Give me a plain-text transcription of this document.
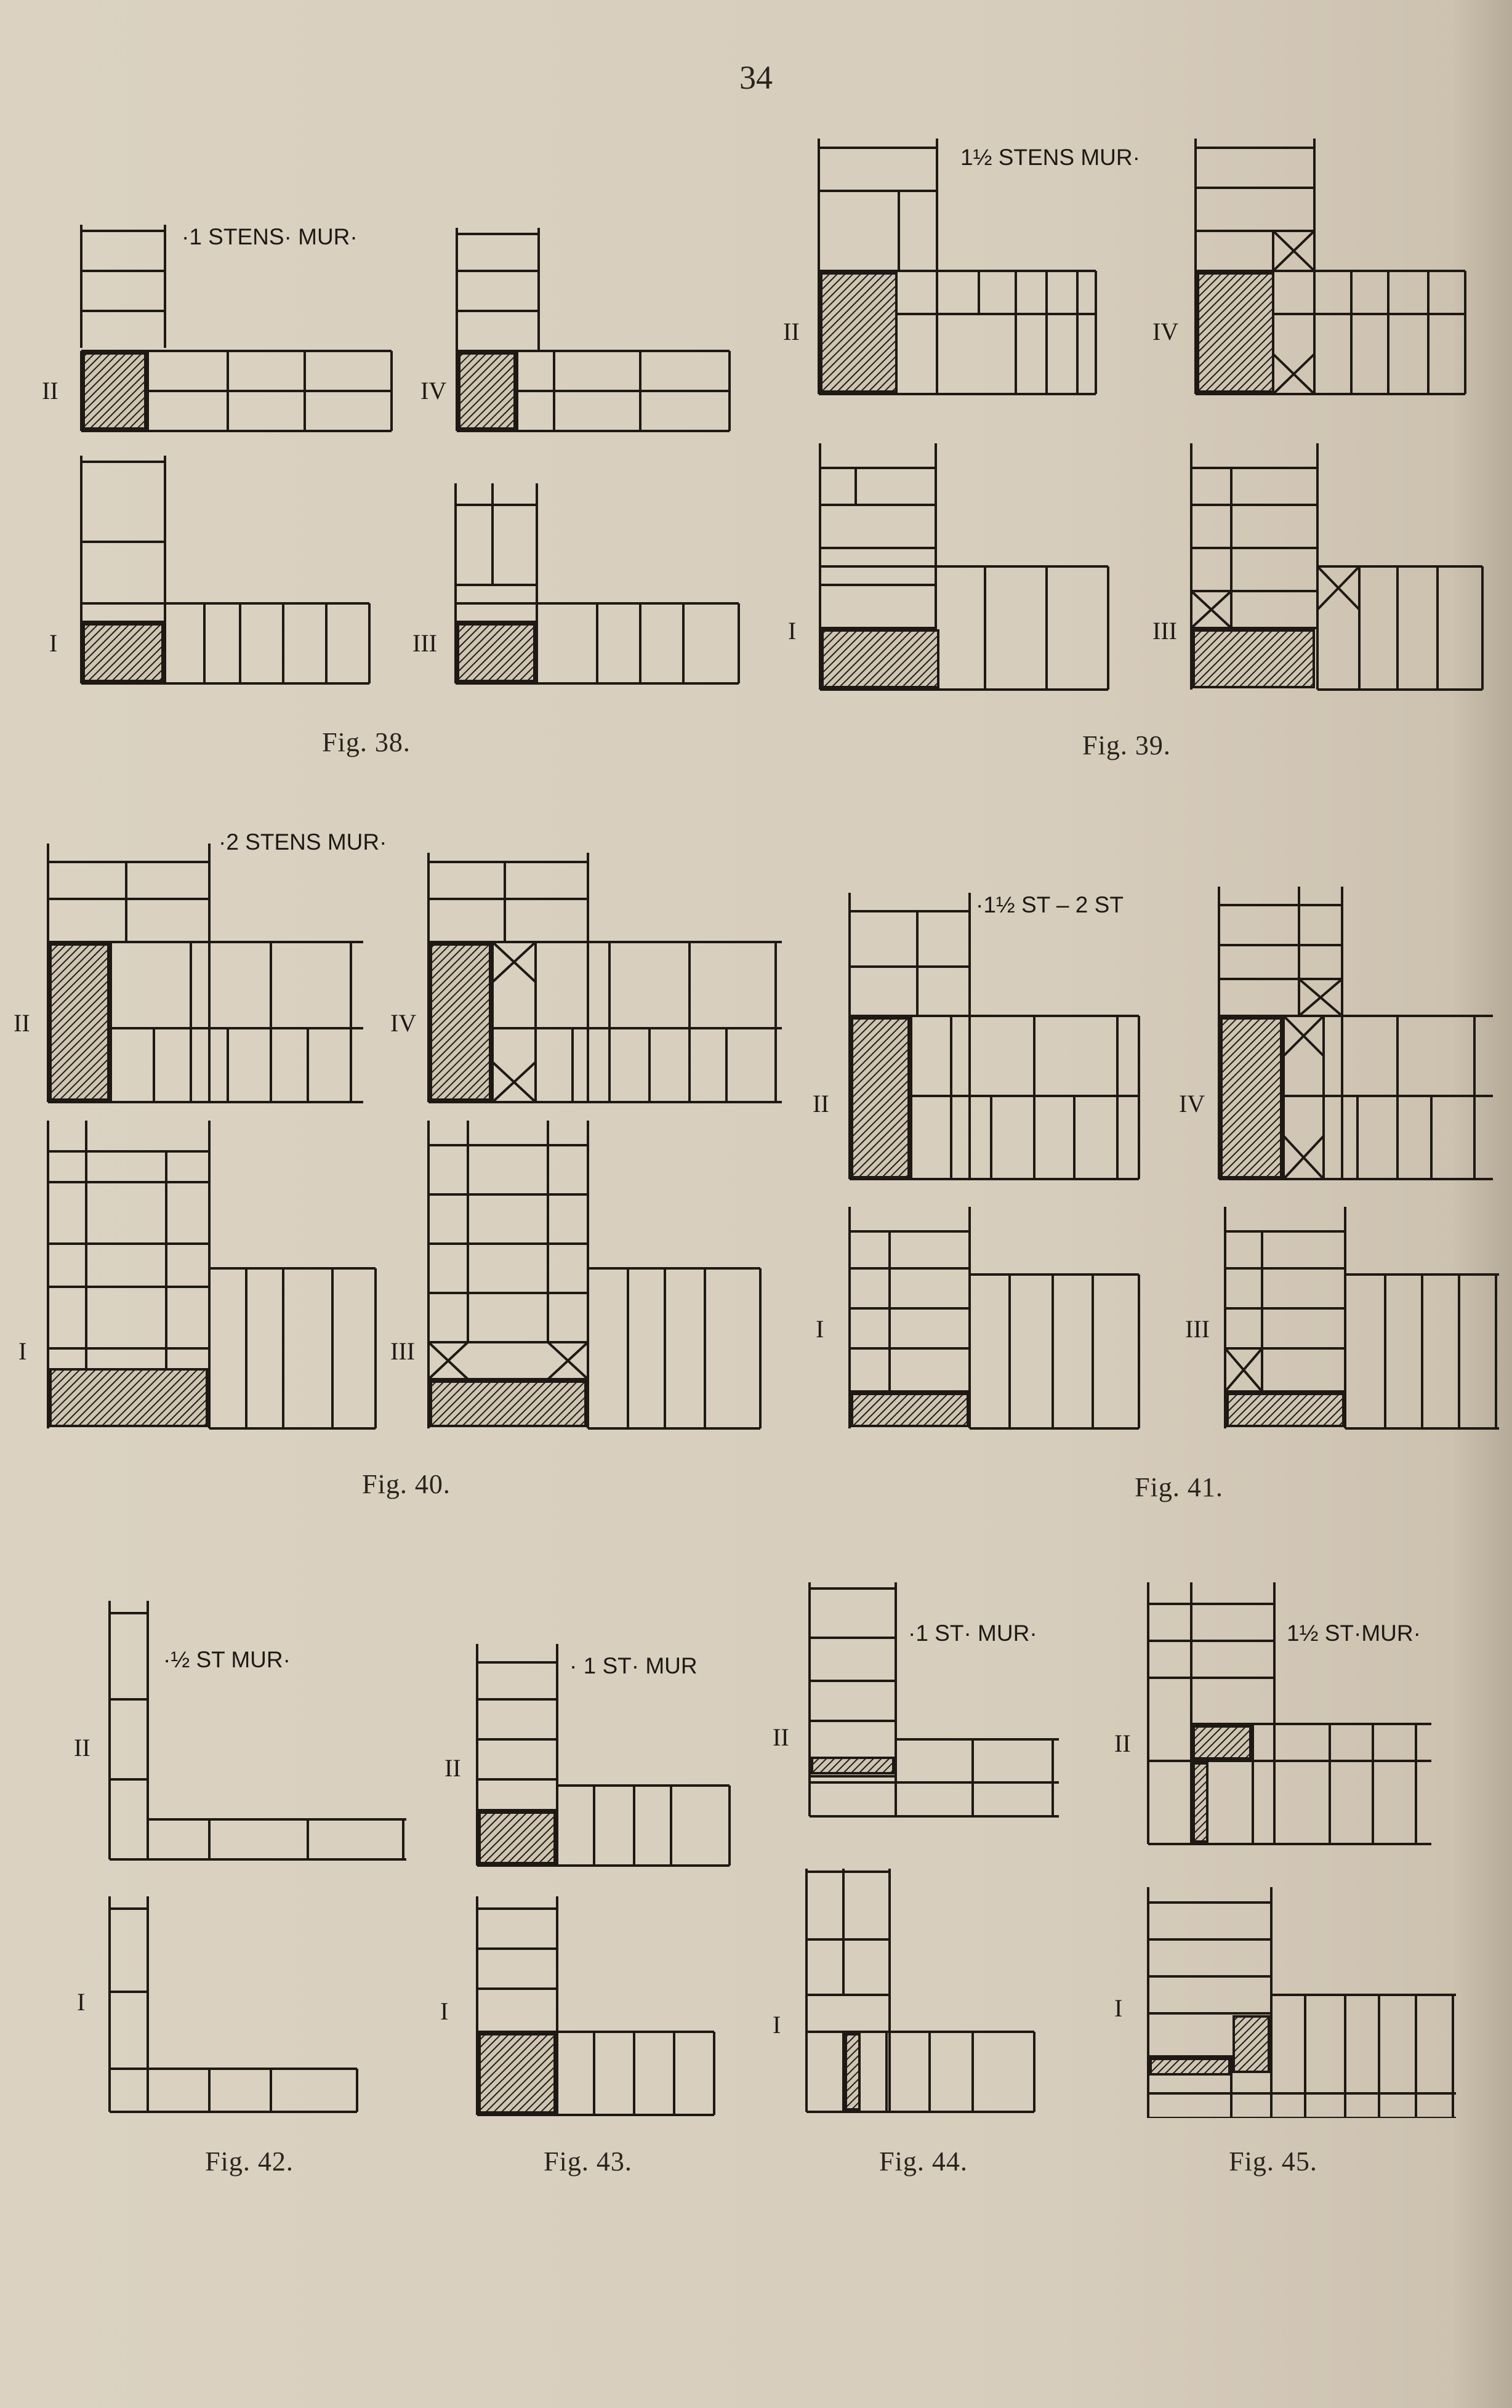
34
·1 STENS· MUR·
II	IV
I	III
Fig. 38.
1½ STENS MUR·
II	IV
I	III
Fig. 39.
·2 STENS MUR·
II	IV
I	III
Fig. 40.
·1½ ST – 2 ST
II	IV
I	III
Fig. 41.
·½ ST MUR·
II
I
Fig. 42.
· 1 ST· MUR
II
I
Fig. 43.
·1 ST· MUR·
II
I
Fig. 44.
1½ ST·MUR·
II
I
Fig. 45.
